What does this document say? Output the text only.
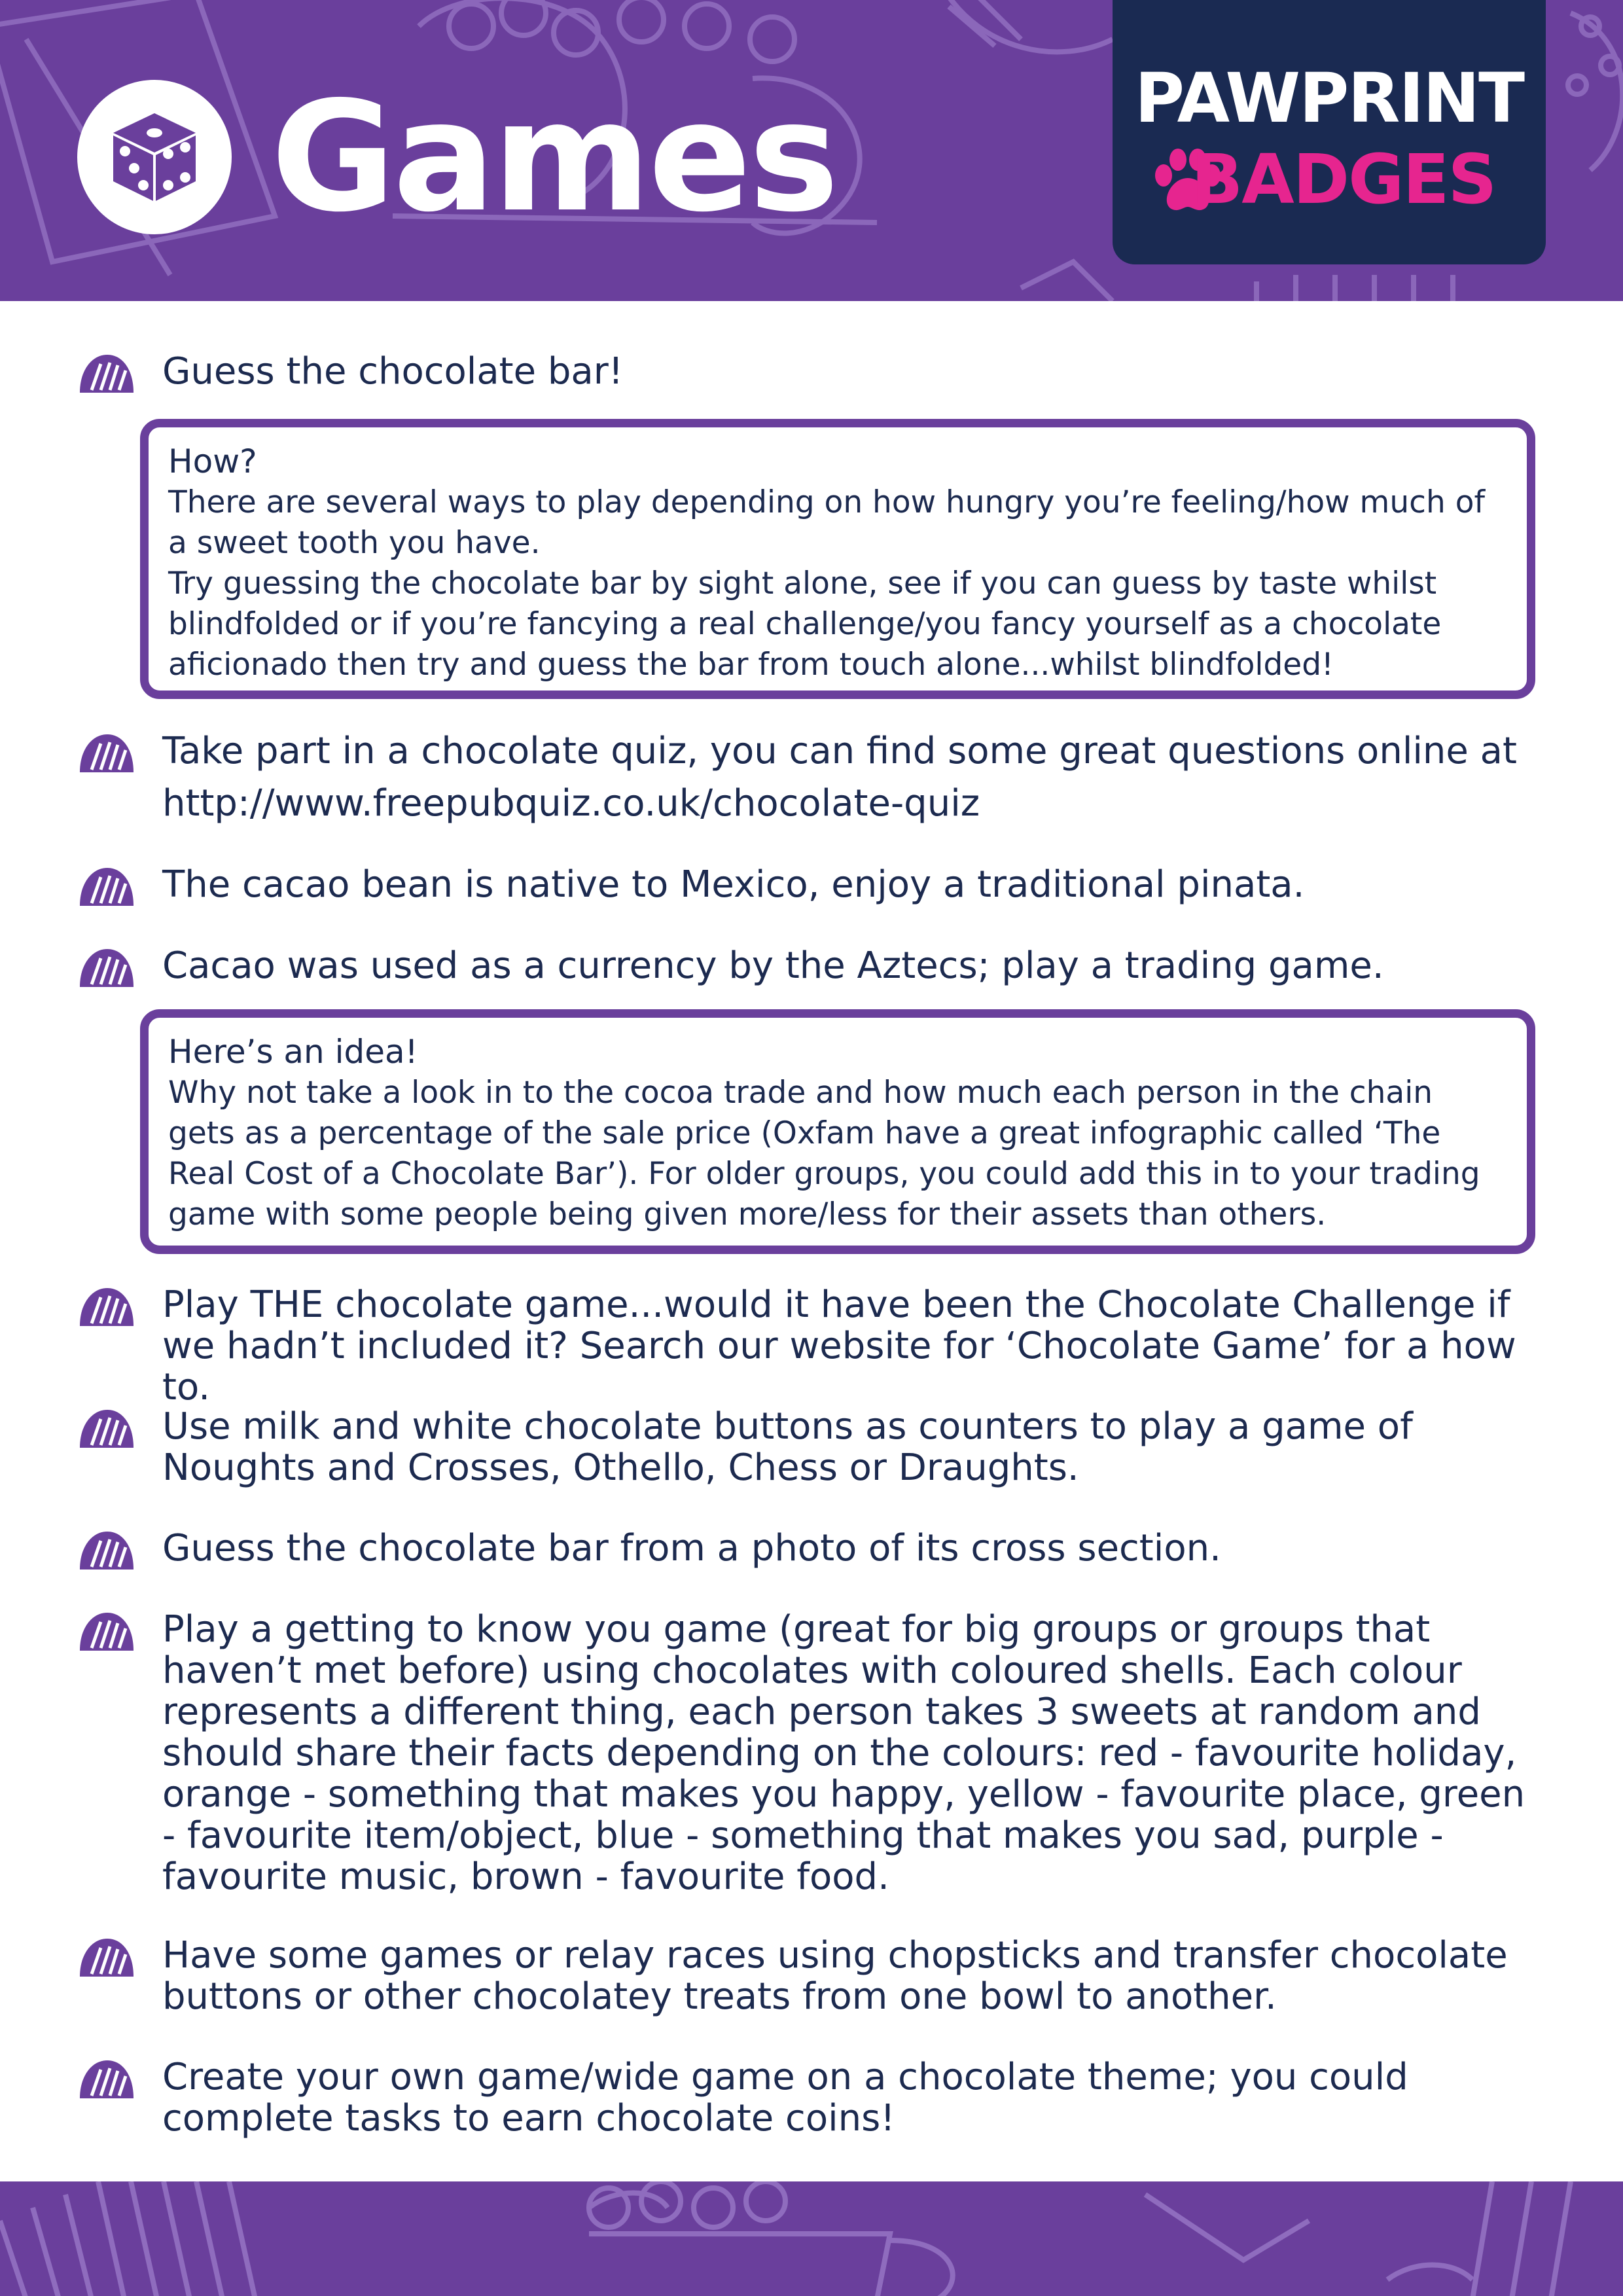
Games	PAWPRINT
BADGES

Guess the chocolate bar!

How?
There are several ways to play depending on how hungry you’re feeling/how much of a sweet tooth you have.
Try guessing the chocolate bar by sight alone, see if you can guess by taste whilst blindfolded or if you’re fancying a real challenge/you fancy yourself as a chocolate aficionado then try and guess the bar from touch alone...whilst blindfolded!

Take part in a chocolate quiz, you can find some great questions online at http://www.freepubquiz.co.uk/chocolate-quiz

The cacao bean is native to Mexico, enjoy a traditional pinata.

Cacao was used as a currency by the Aztecs; play a trading game.

Here’s an idea!
Why not take a look in to the cocoa trade and how much each person in the chain gets as a percentage of the sale price (Oxfam have a great infographic called ‘The Real Cost of a Chocolate Bar’). For older groups, you could add this in to your trading game with some people being given more/less for their assets than others.

Play THE chocolate game...would it have been the Chocolate Challenge if we hadn’t included it? Search our website for ‘Chocolate Game’ for a how to.

Use milk and white chocolate buttons as counters to play a game of Noughts and Crosses, Othello, Chess or Draughts.

Guess the chocolate bar from a photo of its cross section.

Play a getting to know you game (great for big groups or groups that haven’t met before) using chocolates with coloured shells. Each colour represents a different thing, each person takes 3 sweets at random and should share their facts depending on the colours: red - favourite holiday, orange - something that makes you happy, yellow - favourite place, green - favourite item/object, blue - something that makes you sad, purple - favourite music, brown - favourite food.

Have some games or relay races using chopsticks and transfer chocolate buttons or other chocolatey treats from one bowl to another.

Create your own game/wide game on a chocolate theme; you could complete tasks to earn chocolate coins!
